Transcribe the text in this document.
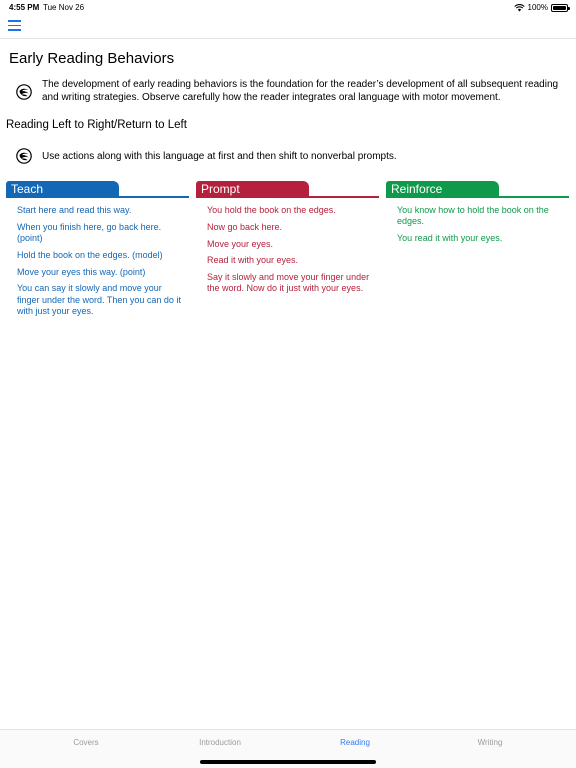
4:55 PM Tue Nov 26	100%
Early Reading Behaviors
The development of early reading behaviors is the foundation for the reader’s development of all subsequent reading and writing strategies. Observe carefully how the reader integrates oral language with motor movement.
Reading Left to Right/Return to Left
Use actions along with this language at first and then shift to nonverbal prompts.
Teach
Start here and read this way.
When you finish here, go back here. (point)
Hold the book on the edges. (model)
Move your eyes this way. (point)
You can say it slowly and move your finger under the word. Then you can do it with just your eyes.
Prompt
You hold the book on the edges.
Now go back here.
Move your eyes.
Read it with your eyes.
Say it slowly and move your finger under the word. Now do it just with your eyes.
Reinforce
You know how to hold the book on the edges.
You read it with your eyes.
Covers	Introduction	Reading	Writing
